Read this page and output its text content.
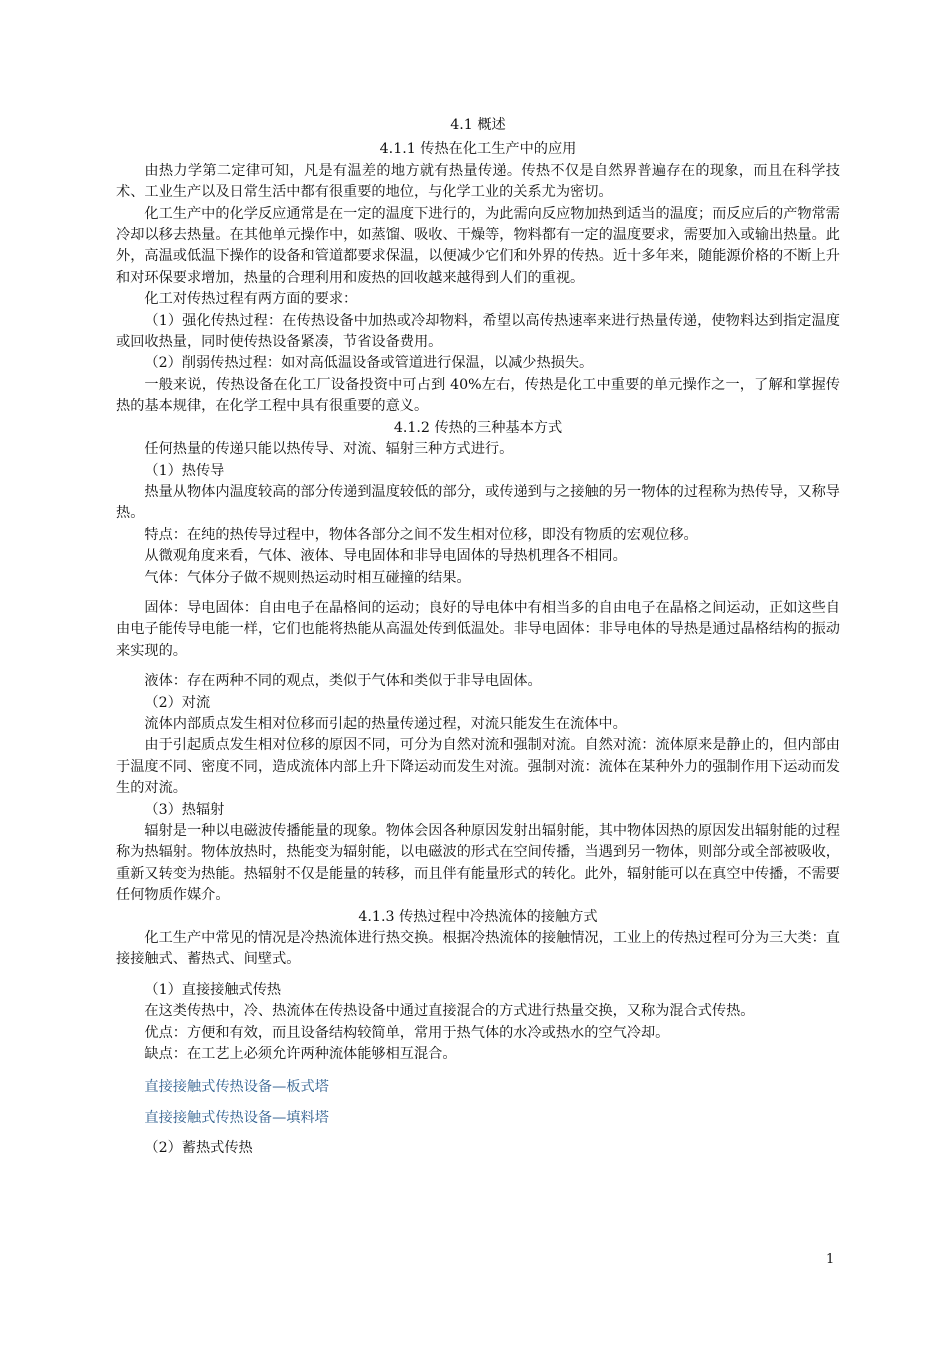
4.1 概述
4.1.1 传热在化工生产中的应用

由热力学第二定律可知，凡是有温差的地方就有热量传递。传热不仅是自然界普遍存在的现象，而且在科学技术、工业生产以及日常生活中都有很重要的地位，与化学工业的关系尤为密切。

化工生产中的化学反应通常是在一定的温度下进行的，为此需向反应物加热到适当的温度；而反应后的产物常需冷却以移去热量。在其他单元操作中，如蒸馏、吸收、干燥等，物料都有一定的温度要求，需要加入或输出热量。此外，高温或低温下操作的设备和管道都要求保温，以便减少它们和外界的传热。近十多年来，随能源价格的不断上升和对环保要求增加，热量的合理利用和废热的回收越来越得到人们的重视。

化工对传热过程有两方面的要求：

（1）强化传热过程：在传热设备中加热或冷却物料，希望以高传热速率来进行热量传递，使物料达到指定温度或回收热量，同时使传热设备紧凑，节省设备费用。

（2）削弱传热过程：如对高低温设备或管道进行保温，以减少热损失。

一般来说，传热设备在化工厂设备投资中可占到 40%左右，传热是化工中重要的单元操作之一，了解和掌握传热的基本规律，在化学工程中具有很重要的意义。

4.1.2 传热的三种基本方式

任何热量的传递只能以热传导、对流、辐射三种方式进行。

（1）热传导

热量从物体内温度较高的部分传递到温度较低的部分，或传递到与之接触的另一物体的过程称为热传导，又称导热。

特点：在纯的热传导过程中，物体各部分之间不发生相对位移，即没有物质的宏观位移。

从微观角度来看，气体、液体、导电固体和非导电固体的导热机理各不相同。

气体：气体分子做不规则热运动时相互碰撞的结果。

固体：导电固体：自由电子在晶格间的运动；良好的导电体中有相当多的自由电子在晶格之间运动，正如这些自由电子能传导电能一样，它们也能将热能从高温处传到低温处。非导电固体：非导电体的导热是通过晶格结构的振动来实现的。

液体：存在两种不同的观点，类似于气体和类似于非导电固体。

（2）对流

流体内部质点发生相对位移而引起的热量传递过程，对流只能发生在流体中。

由于引起质点发生相对位移的原因不同，可分为自然对流和强制对流。自然对流：流体原来是静止的，但内部由于温度不同、密度不同，造成流体内部上升下降运动而发生对流。强制对流：流体在某种外力的强制作用下运动而发生的对流。

（3）热辐射

辐射是一种以电磁波传播能量的现象。物体会因各种原因发射出辐射能，其中物体因热的原因发出辐射能的过程称为热辐射。物体放热时，热能变为辐射能，以电磁波的形式在空间传播，当遇到另一物体，则部分或全部被吸收，重新又转变为热能。热辐射不仅是能量的转移，而且伴有能量形式的转化。此外，辐射能可以在真空中传播，不需要任何物质作媒介。

4.1.3 传热过程中冷热流体的接触方式

化工生产中常见的情况是冷热流体进行热交换。根据冷热流体的接触情况，工业上的传热过程可分为三大类：直接接触式、蓄热式、间壁式。

（1）直接接触式传热

在这类传热中，冷、热流体在传热设备中通过直接混合的方式进行热量交换，又称为混合式传热。

优点：方便和有效，而且设备结构较简单，常用于热气体的水冷或热水的空气冷却。

缺点：在工艺上必须允许两种流体能够相互混合。

直接接触式传热设备—板式塔
直接接触式传热设备—填料塔

（2）蓄热式传热

1
